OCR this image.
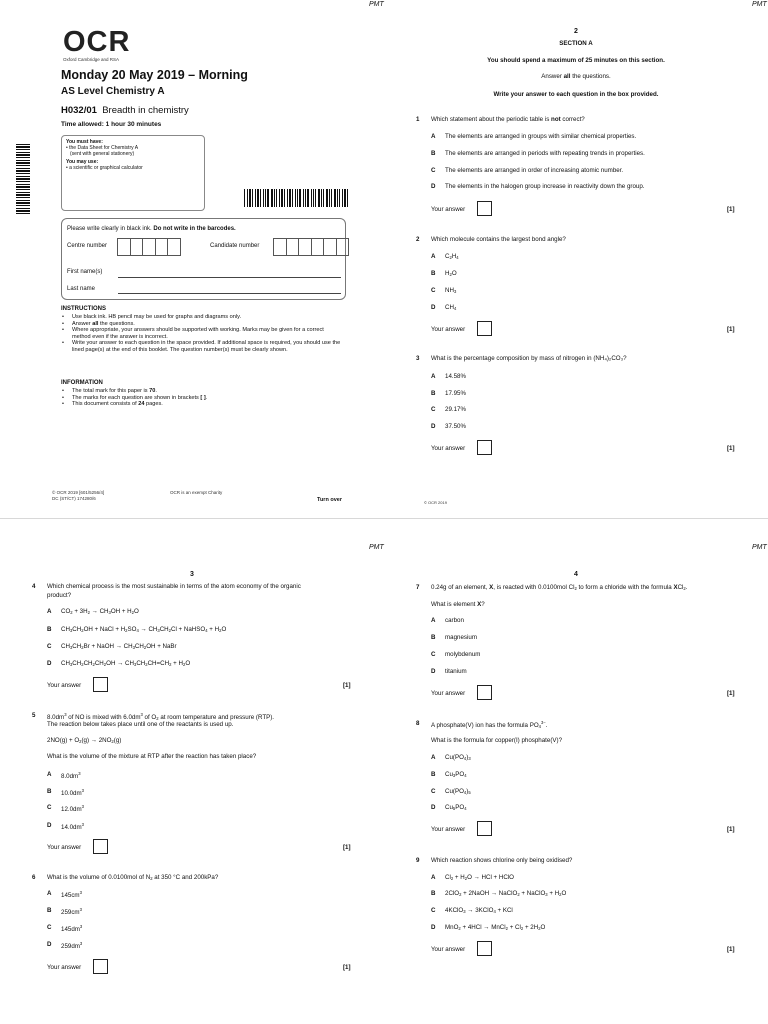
PMT	PMT
PMT	PMT
OCR
Oxford Cambridge and RSA
Monday 20 May 2019 – Morning
AS Level Chemistry A
H032/01 Breadth in chemistry
Time allowed: 1 hour 30 minutes
You must have:
• the Data Sheet for Chemistry A
(sent with general stationery)
You may use:
• a scientific or graphical calculator
Please write clearly in black ink. Do not write in the barcodes.
Centre number	Candidate number
First name(s)
Last name
INSTRUCTIONS
• Use black ink. HB pencil may be used for graphs and diagrams only.
• Answer all the questions.
• Where appropriate, your answers should be supported with working. Marks may be given for a correct method even if the answer is incorrect.
• Write your answer to each question in the space provided. If additional space is required, you should use the lined page(s) at the end of this booklet. The question number(s) must be clearly shown.
INFORMATION
• The total mark for this paper is 70.
• The marks for each question are shown in brackets [ ].
• This document consists of 24 pages.
© OCR 2019 [601/5256/4]
DC (ST/CT) 174280/6
OCR is an exempt Charity
Turn over
2
SECTION A
You should spend a maximum of 25 minutes on this section.
Answer all the questions.
Write your answer to each question in the box provided.
1 Which statement about the periodic table is not correct?
A The elements are arranged in groups with similar chemical properties.
B The elements are arranged in periods with repeating trends in properties.
C The elements are arranged in order of increasing atomic number.
D The elements in the halogen group increase in reactivity down the group.
Your answer	[1]
2 Which molecule contains the largest bond angle?
A $C_2H_4$
B $H_2O$
C $NH_3$
D $CH_4$
Your answer	[1]
3 What is the percentage composition by mass of nitrogen in (NH₄)₂CO₃?
A 14.58%
B 17.95%
C 29.17%
D 37.50%
Your answer	[1]
© OCR 2019
3
4 Which chemical process is the most sustainable in terms of the atom economy of the organic
product?
A $CO_2 + 3H_2 \to CH_3OH + H_2O$
B $CH_3CH_2OH$ + NaCl + $H_2SO_4 \to CH_3CH_2Cl$ + NaHSO$_4$ + $H_2O$
C $CH_3CH_2Br$ + NaOH → $CH_3CH_2OH$ + NaBr
D $CH_3CH_2CH_2CH_2OH \to CH_3CH_2CH=CH_2 + H_2O$
Your answer	[1]
5 $8.0dm^3$ of NO is mixed with $6.0dm^3$ of $O_2$ at room temperature and pressure (RTP).
The reaction below takes place until one of the reactants is used up.
$2NO(g) + O_2(g) \to 2NO_2(g)$
What is the volume of the mixture at RTP after the reaction has taken place?
A $8.0dm^3$
B $10.0dm^3$
C $12.0dm^3$
D $14.0dm^3$
Your answer	[1]
6 What is the volume of 0.0100mol of $N_2$ at 350 °C and 200kPa?
A $145cm^3$
B $259cm^3$
C $145dm^3$
D $259dm^3$
Your answer	[1]
4
7 0.24g of an element, X, is reacted with 0.0100mol $Cl_2$ to form a chloride with the formula XCl$_2$.
What is element X?
A carbon
B magnesium
C molybdenum
D titanium
Your answer	[1]
8 A phosphate(V) ion has the formula $PO_4^{3-}$.
What is the formula for copper(I) phosphate(V)?
A $Cu(PO_4)_3$
B $Cu_3PO_4$
C $Cu(PO_4)_5$
D $Cu_5PO_4$
Your answer	[1]
9 Which reaction shows chlorine only being oxidised?
A $Cl_2 + H_2O$ → HCl + HClO
B 2ClO$_2$ + 2NaOH → NaClO$_2$ + NaClO$_3$ + $H_2O$
C 4KClO$_3$ → 3KClO$_4$ + KCl
D MnO$_2$ + 4HCl → MnCl$_2$ + $Cl_2 + 2H_2O$
Your answer	[1]
